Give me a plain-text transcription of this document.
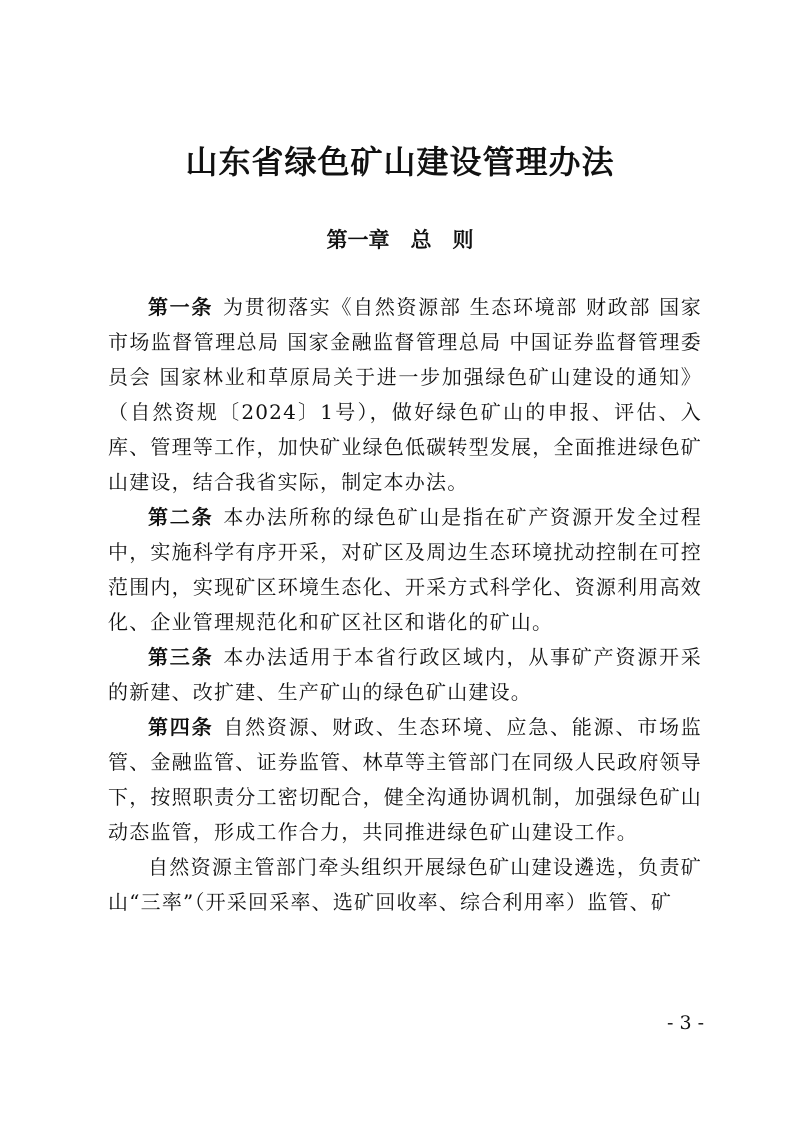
山东省绿色矿山建设管理办法
第一章　总　则

第一条 为贯彻落实《自然资源部 生态环境部 财政部 国家市场监督管理总局 国家金融监督管理总局 中国证券监督管理委员会 国家林业和草原局关于进一步加强绿色矿山建设的通知》（自然资规〔2024〕1号），做好绿色矿山的申报、评估、入库、管理等工作，加快矿业绿色低碳转型发展，全面推进绿色矿山建设，结合我省实际，制定本办法。

第二条 本办法所称的绿色矿山是指在矿产资源开发全过程中，实施科学有序开采，对矿区及周边生态环境扰动控制在可控范围内，实现矿区环境生态化、开采方式科学化、资源利用高效化、企业管理规范化和矿区社区和谐化的矿山。

第三条 本办法适用于本省行政区域内，从事矿产资源开采的新建、改扩建、生产矿山的绿色矿山建设。

第四条 自然资源、财政、生态环境、应急、能源、市场监管、金融监管、证券监管、林草等主管部门在同级人民政府领导下，按照职责分工密切配合，健全沟通协调机制，加强绿色矿山动态监管，形成工作合力，共同推进绿色矿山建设工作。

自然资源主管部门牵头组织开展绿色矿山建设遴选，负责矿山“三率”（开采回采率、选矿回收率、综合利用率）监管、矿

- 3 -
